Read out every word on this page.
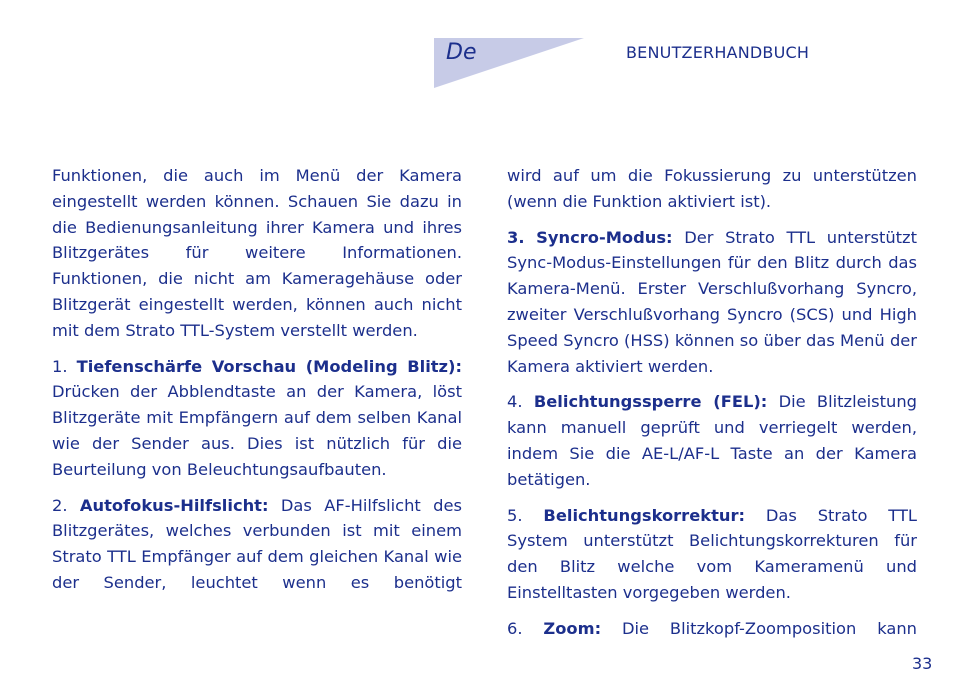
De	BENUTZERHANDBUCH

Funktionen, die auch im Menü der Kamera eingestellt werden können. Schauen Sie dazu in die Bedienungsanleitung ihrer Kamera und ihres Blitzgerätes für weitere Informationen. Funktionen, die nicht am Kameragehäuse oder Blitzgerät eingestellt werden, können auch nicht mit dem Strato TTL-System verstellt werden.

1. Tiefenschärfe Vorschau (Modeling Blitz): Drücken der Abblendtaste an der Kamera, löst Blitzgeräte mit Empfängern auf dem selben Kanal wie der Sender aus. Dies ist nützlich für die Beurteilung von Beleuchtungsaufbauten.

2. Autofokus-Hilfslicht: Das AF-Hilfslicht des Blitzgerätes, welches verbunden ist mit einem Strato TTL Empfänger auf dem gleichen Kanal wie der Sender, leuchtet wenn es benötigt

wird auf um die Fokussierung zu unterstützen (wenn die Funktion aktiviert ist).

3. Syncro-Modus: Der Strato TTL unterstützt Sync-Modus-Einstellungen für den Blitz durch das Kamera-Menü. Erster Verschlußvorhang Syncro, zweiter Verschlußvorhang Syncro (SCS) und High Speed Syncro (HSS) können so über das Menü der Kamera aktiviert werden.

4. Belichtungssperre (FEL): Die Blitzleistung kann manuell geprüft und verriegelt werden, indem Sie die AE-L/AF-L Taste an der Kamera betätigen.

5. Belichtungskorrektur: Das Strato TTL System unterstützt Belichtungskorrekturen für den Blitz welche vom Kameramenü und Einstelltasten vorgegeben werden.

6. Zoom: Die Blitzkopf-Zoomposition kann

33
